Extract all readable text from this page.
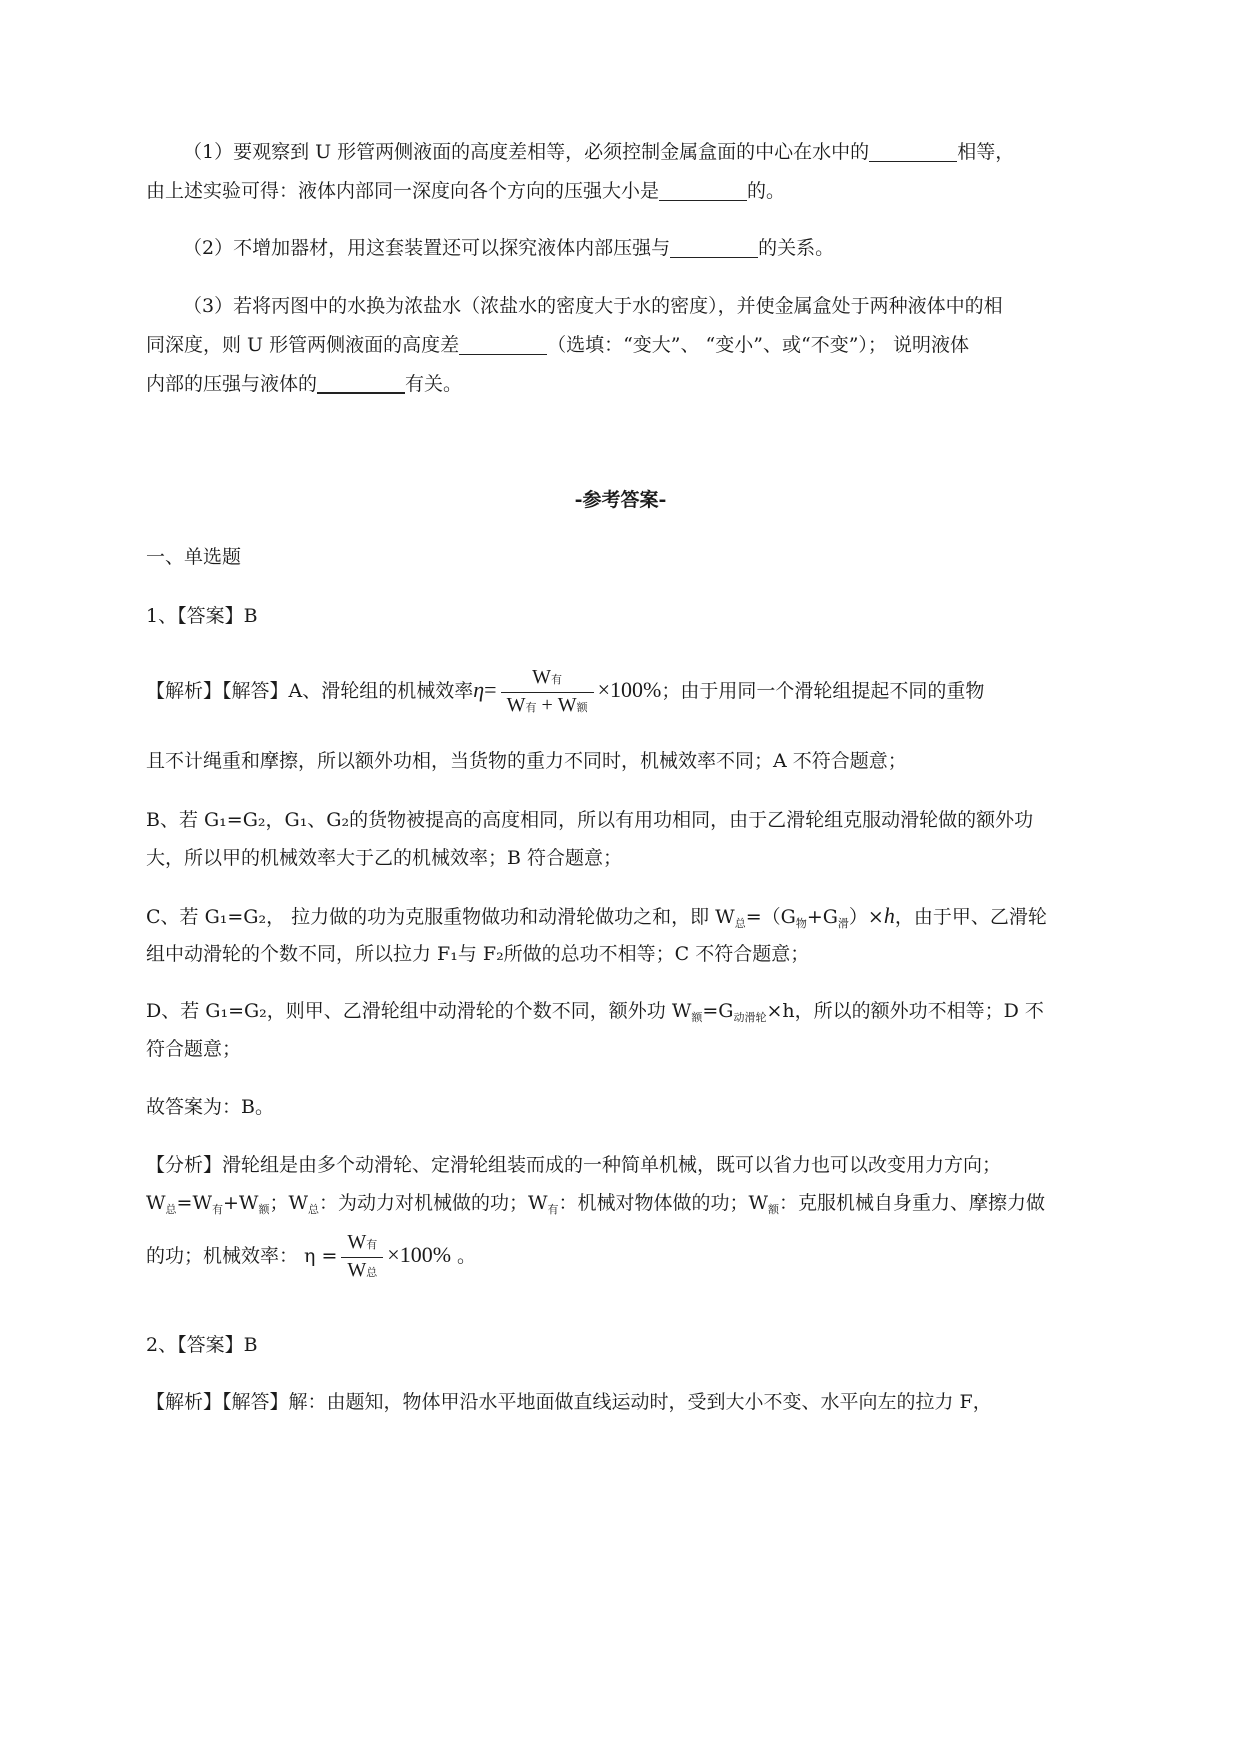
（1）要观察到 U 形管两侧液面的高度差相等，必须控制金属盒面的中心在水中的	相等，
由上述实验可得：液体内部同一深度向各个方向的压强大小是	的。
（2）不增加器材，用这套装置还可以探究液体内部压强与	的关系。
（3）若将丙图中的水换为浓盐水（浓盐水的密度大于水的密度），并使金属盒处于两种液体中的相
同深度，则 U 形管两侧液面的高度差	（选填：“变大”、 “变小”、或“不变”）； 说明液体
内部的压强与液体的	有关。
-参考答案-
一、单选题
1、【答案】B
【解析】【解答】A、滑轮组的机械效率$\eta= \frac{\text{W有}}{\text{W有 + W额}} \times 100\%$；由于用同一个滑轮组提起不同的重物
且不计绳重和摩擦，所以额外功相，当货物的重力不同时，机械效率不同；A 不符合题意；
B、若 G₁=G₂，G₁、G₂的货物被提高的高度相同，所以有用功相同，由于乙滑轮组克服动滑轮做的额外功
大，所以甲的机械效率大于乙的机械效率；B 符合题意；
C、若 G₁=G₂， 拉力做的功为克服重物做功和动滑轮做功之和，即 $W_总=(G_物+G_滑)\times h$，由于甲、乙滑轮
组中动滑轮的个数不同，所以拉力 F₁与 F₂所做的总功不相等；C 不符合题意；
D、若 G₁=G₂，则甲、乙滑轮组中动滑轮的个数不同，额外功 $W_额=G_{动滑轮}\times h$，所以的额外功不相等；D 不
符合题意；
故答案为：B。
【分析】滑轮组是由多个动滑轮、定滑轮组装而成的一种简单机械，既可以省力也可以改变用力方向；
$W_总=W_有+W_额$；$W_总$：为动力对机械做的功；$W_有$：机械对物体做的功；$W_额$：克服机械自身重力、摩擦力做
的功；机械效率： $\eta = \frac{\text{W有}}{\text{W总}} \times 100\%$ 。
2、【答案】B
【解析】【解答】解：由题知，物体甲沿水平地面做直线运动时，受到大小不变、水平向左的拉力 F，
